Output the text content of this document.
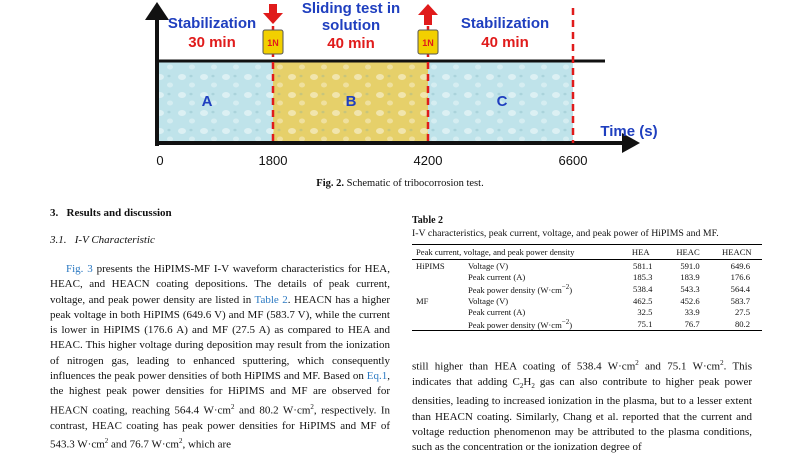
1N	1N
Stabilization
30 min
Sliding test in
solution
40 min
Stabilization
40 min
A	B	C
Time (s)
0	1800	4200	6600
Fig. 2. Schematic of tribocorrosion test.
3. Results and discussion
3.1. I-V Characteristic

Fig. 3 presents the HiPIMS-MF I-V waveform characteristics for HEA, HEAC, and HEACN coating depositions. The details of peak current, voltage, and peak power density are listed in Table 2. HEACN has a higher peak voltage in both HiPIMS (649.6 V) and MF (583.7 V), while the current is lower in HiPIMS (176.6 A) and MF (27.5 A) as compared to HEA and HEAC. This higher voltage during deposition may result from the ionization of nitrogen gas, leading to enhanced sputtering, which consequently influences the peak power densities of both HiPIMS and MF. Based on Eq.1, the highest peak power densities for HiPIMS and MF are observed for HEACN coating, reaching 564.4 $W\cdot cm^2$ and 80.2 $W\cdot cm^2$, respectively. In contrast, HEAC coating has peak power densities for HiPIMS and MF of 543.3 $W\cdot cm^2$ and 76.7 $W\cdot cm^2$, which are

Table 2
I-V characteristics, peak current, voltage, and peak power of HiPIMS and MF.
Peak current, voltage, and peak power density		HEA	HEAC	HEACN
HiPIMS	Voltage (V)	581.1	591.0	649.6
	Peak current (A)	185.3	183.9	176.6
	Peak power density $(W\cdot cm^{-2})$	538.4	543.3	564.4
MF	Voltage (V)	462.5	452.6	583.7
	Peak current (A)	32.5	33.9	27.5
	Peak power density $(W\cdot cm^{-2})$	75.1	76.7	80.2

still higher than HEA coating of 538.4 $W\cdot cm^2$ and 75.1 $W\cdot cm^2$. This indicates that adding $C_2H_2$ gas can also contribute to higher peak power densities, leading to increased ionization in the plasma, but to a lesser extent than HEACN coating. Similarly, Chang et al. reported that the current and voltage reduction phenomenon may be attributed to the plasma conditions, such as the concentration or the ionization degree of
